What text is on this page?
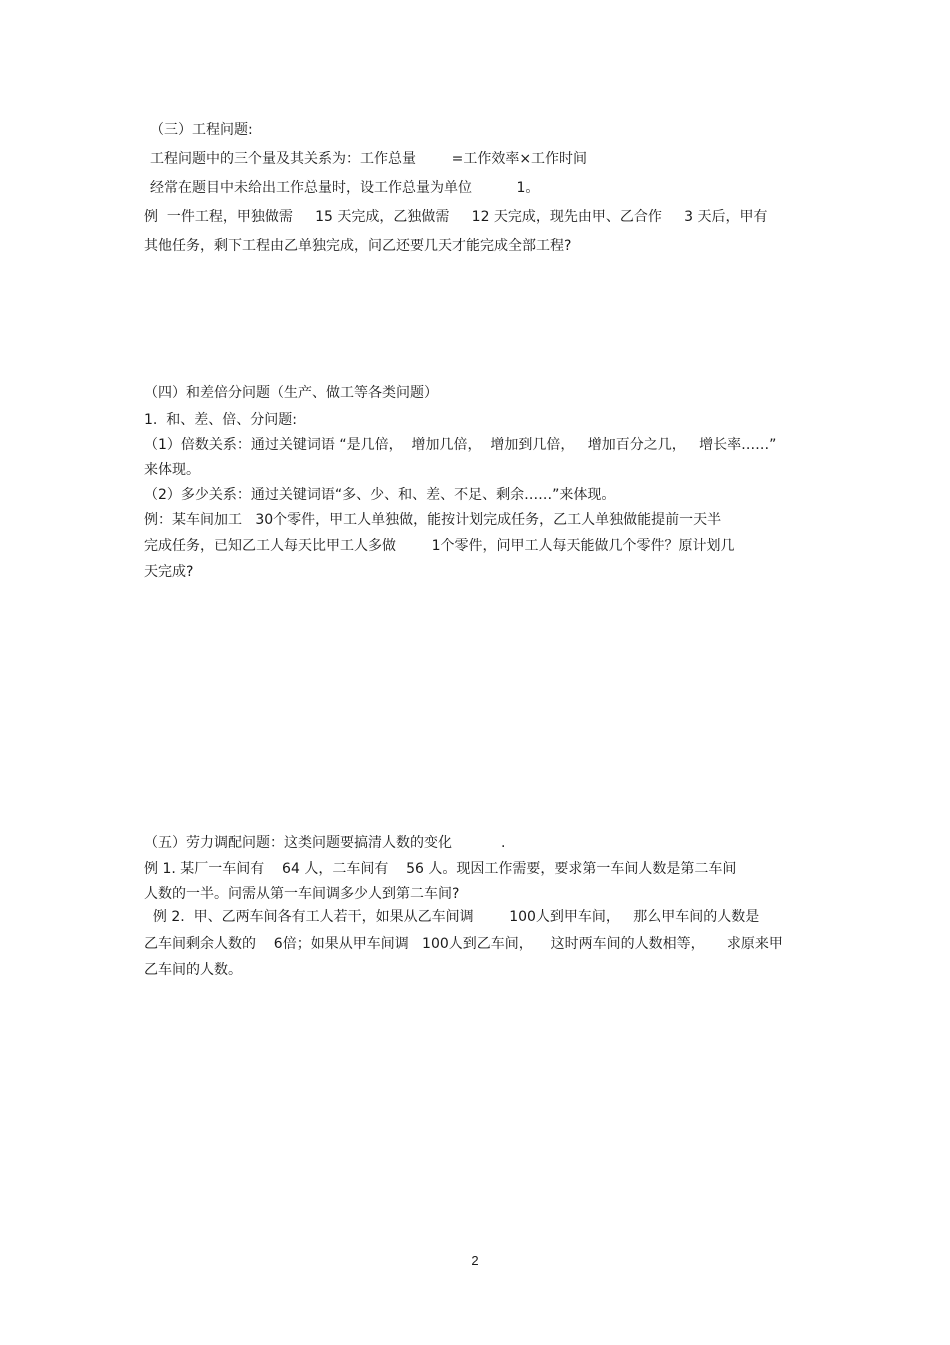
（三）工程问题:
工程问题中的三个量及其关系为：工作总量        =工作效率×工作时间
经常在题目中未给出工作总量时，设工作总量为单位          1。
例  一件工程，甲独做需     15 天完成，乙独做需     12 天完成，现先由甲、乙合作     3 天后，甲有
其他任务，剩下工程由乙单独完成，问乙还要几天才能完成全部工程?
（四）和差倍分问题（生产、做工等各类问题）
1.  和、差、倍、分问题:
（1）倍数关系：通过关键词语 “是几倍，  增加几倍，  增加到几倍，   增加百分之几，   增长率……”
来体现。
（2）多少关系：通过关键词语“多、少、和、差、不足、剩余……”来体现。
例：某车间加工   30个零件，甲工人单独做，能按计划完成任务，乙工人单独做能提前一天半
完成任务，已知乙工人每天比甲工人多做        1个零件，问甲工人每天能做几个零件？原计划几
天完成?
（五）劳力调配问题：这类问题要搞清人数的变化           .
例 1. 某厂一车间有    64 人，二车间有    56 人。现因工作需要，要求第一车间人数是第二车间
人数的一半。问需从第一车间调多少人到第二车间?
例 2.  甲、乙两车间各有工人若干，如果从乙车间调        100人到甲车间，   那么甲车间的人数是
乙车间剩余人数的    6倍；如果从甲车间调   100人到乙车间，    这时两车间的人数相等，     求原来甲
乙车间的人数。
2
